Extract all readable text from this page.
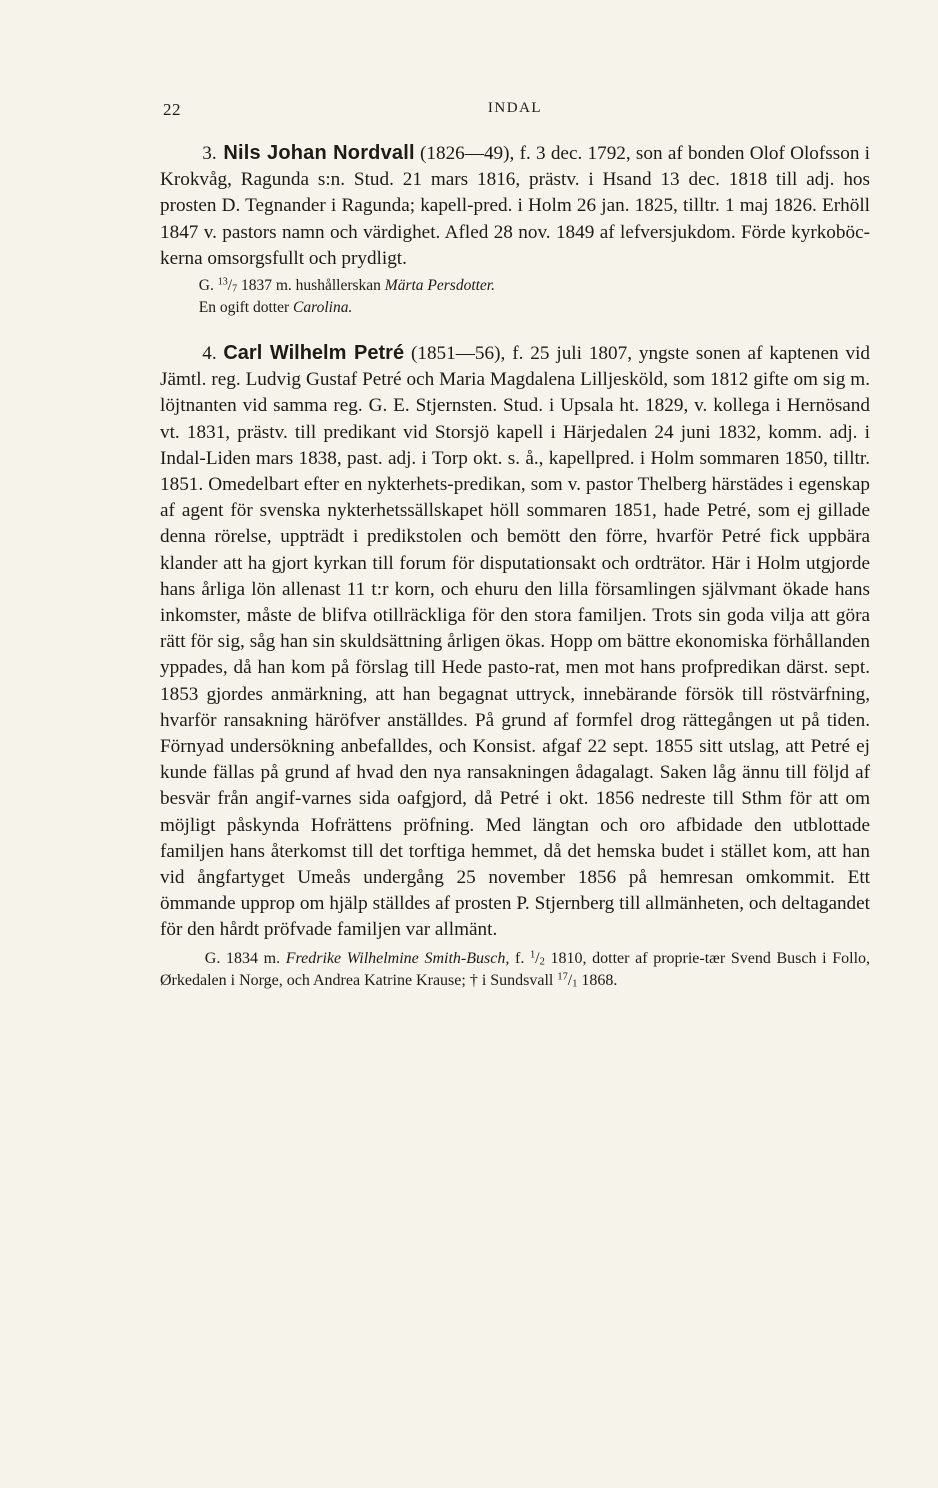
22	INDAL

3. Nils Johan Nordvall (1826—49), f. 3 dec. 1792, son af bonden Olof Olofsson i Krokvåg, Ragunda s:n. Stud. 21 mars 1816, prästv. i Hsand 13 dec. 1818 till adj. hos prosten D. Tegnander i Ragunda; kapell-pred. i Holm 26 jan. 1825, tilltr. 1 maj 1826. Erhöll 1847 v. pastors namn och värdighet. Afled 28 nov. 1849 af lefversjukdom. Förde kyrkoböc-kerna omsorgsfullt och prydligt.

G. $^{13}/_7$ 1837 m. hushållerskan Märta Persdotter.
En ogift dotter Carolina.

4. Carl Wilhelm Petré (1851—56), f. 25 juli 1807, yngste sonen af kaptenen vid Jämtl. reg. Ludvig Gustaf Petré och Maria Magdalena Lilljesköld, som 1812 gifte om sig m. löjtnanten vid samma reg. G. E. Stjernsten. Stud. i Upsala ht. 1829, v. kollega i Hernösand vt. 1831, prästv. till predikant vid Storsjö kapell i Härjedalen 24 juni 1832, komm. adj. i Indal-Liden mars 1838, past. adj. i Torp okt. s. å., kapellpred. i Holm sommaren 1850, tilltr. 1851. Omedelbart efter en nykterhets-predikan, som v. pastor Thelberg härstädes i egenskap af agent för svenska nykterhetssällskapet höll sommaren 1851, hade Petré, som ej gillade denna rörelse, uppträdt i predikstolen och bemött den förre, hvarför Petré fick uppbära klander att ha gjort kyrkan till forum för disputationsakt och ordträtor. Här i Holm utgjorde hans årliga lön allenast 11 t:r korn, och ehuru den lilla församlingen självmant ökade hans inkomster, måste de blifva otillräckliga för den stora familjen. Trots sin goda vilja att göra rätt för sig, såg han sin skuldsättning årligen ökas. Hopp om bättre ekonomiska förhållanden yppades, då han kom på förslag till Hede pasto-rat, men mot hans profpredikan därst. sept. 1853 gjordes anmärkning, att han begagnat uttryck, innebärande försök till röstvärfning, hvarför ransakning häröfver anställdes. På grund af formfel drog rättegången ut på tiden. Förnyad undersökning anbefalldes, och Konsist. afgaf 22 sept. 1855 sitt utslag, att Petré ej kunde fällas på grund af hvad den nya ransakningen ådagalagt. Saken låg ännu till följd af besvär från angif-varnes sida oafgjord, då Petré i okt. 1856 nedreste till Sthm för att om möjligt påskynda Hofrättens pröfning. Med längtan och oro afbidade den utblottade familjen hans återkomst till det torftiga hemmet, då det hemska budet i stället kom, att han vid ångfartyget Umeås undergång 25 november 1856 på hemresan omkommit. Ett ömmande upprop om hjälp ställdes af prosten P. Stjernberg till allmänheten, och deltagandet för den hårdt pröfvade familjen var allmänt.

G. 1834 m. Fredrike Wilhelmine Smith-Busch, f. $^1/_2$ 1810, dotter af proprie-tær Svend Busch i Follo, Ørkedalen i Norge, och Andrea Katrine Krause; † i Sundsvall $^{17}/_1$ 1868.
